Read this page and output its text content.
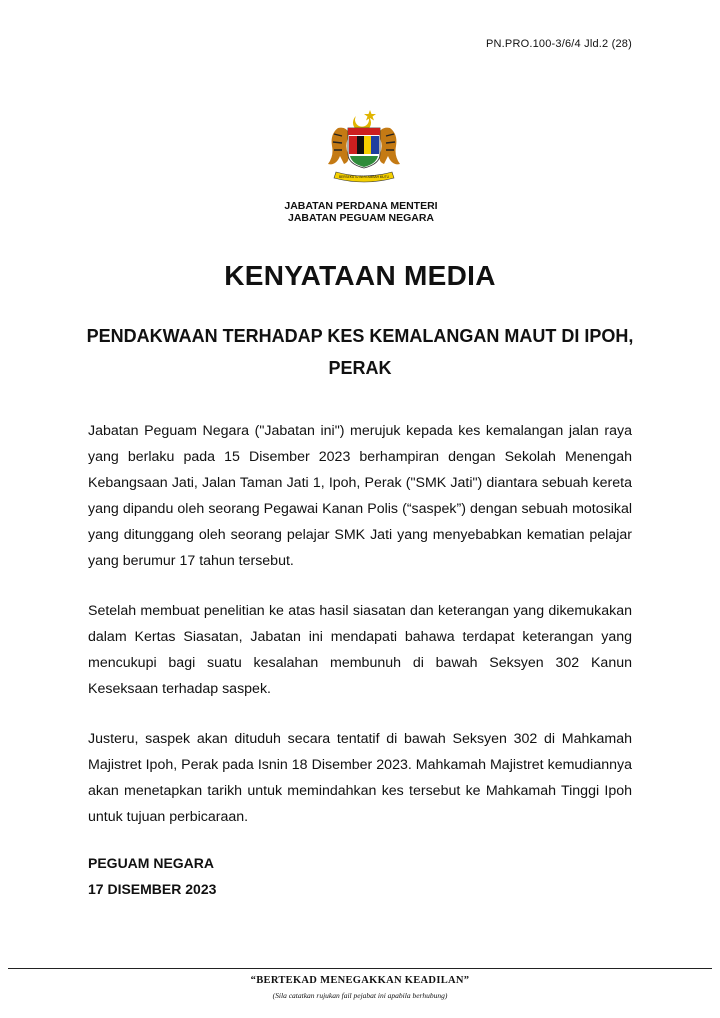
PN.PRO.100-3/6/4 Jld.2 (28)
BERSEKUTU BERTAMBAH MUTU
JABATAN PERDANA MENTERI
JABATAN PEGUAM NEGARA
KENYATAAN MEDIA
PENDAKWAAN TERHADAP KES KEMALANGAN MAUT DI IPOH, PERAK

Jabatan Peguam Negara ("Jabatan ini") merujuk kepada kes kemalangan jalan raya yang berlaku pada 15 Disember 2023 berhampiran dengan Sekolah Menengah Kebangsaan Jati, Jalan Taman Jati 1, Ipoh, Perak ("SMK Jati") diantara sebuah kereta yang dipandu oleh seorang Pegawai Kanan Polis (“saspek”) dengan sebuah motosikal yang ditunggang oleh seorang pelajar SMK Jati yang menyebabkan kematian pelajar yang berumur 17 tahun tersebut.

Setelah membuat penelitian ke atas hasil siasatan dan keterangan yang dikemukakan dalam Kertas Siasatan, Jabatan ini mendapati bahawa terdapat keterangan yang mencukupi bagi suatu kesalahan membunuh di bawah Seksyen 302 Kanun Keseksaan terhadap saspek.

Justeru, saspek akan dituduh secara tentatif di bawah Seksyen 302 di Mahkamah Majistret Ipoh, Perak pada Isnin 18 Disember 2023. Mahkamah Majistret kemudiannya akan menetapkan tarikh untuk memindahkan kes tersebut ke Mahkamah Tinggi Ipoh untuk tujuan perbicaraan.

PEGUAM NEGARA
17 DISEMBER 2023
“BERTEKAD MENEGAKKAN KEADILAN”
(Sila catatkan rujukan fail pejabat ini apabila berhubung)
